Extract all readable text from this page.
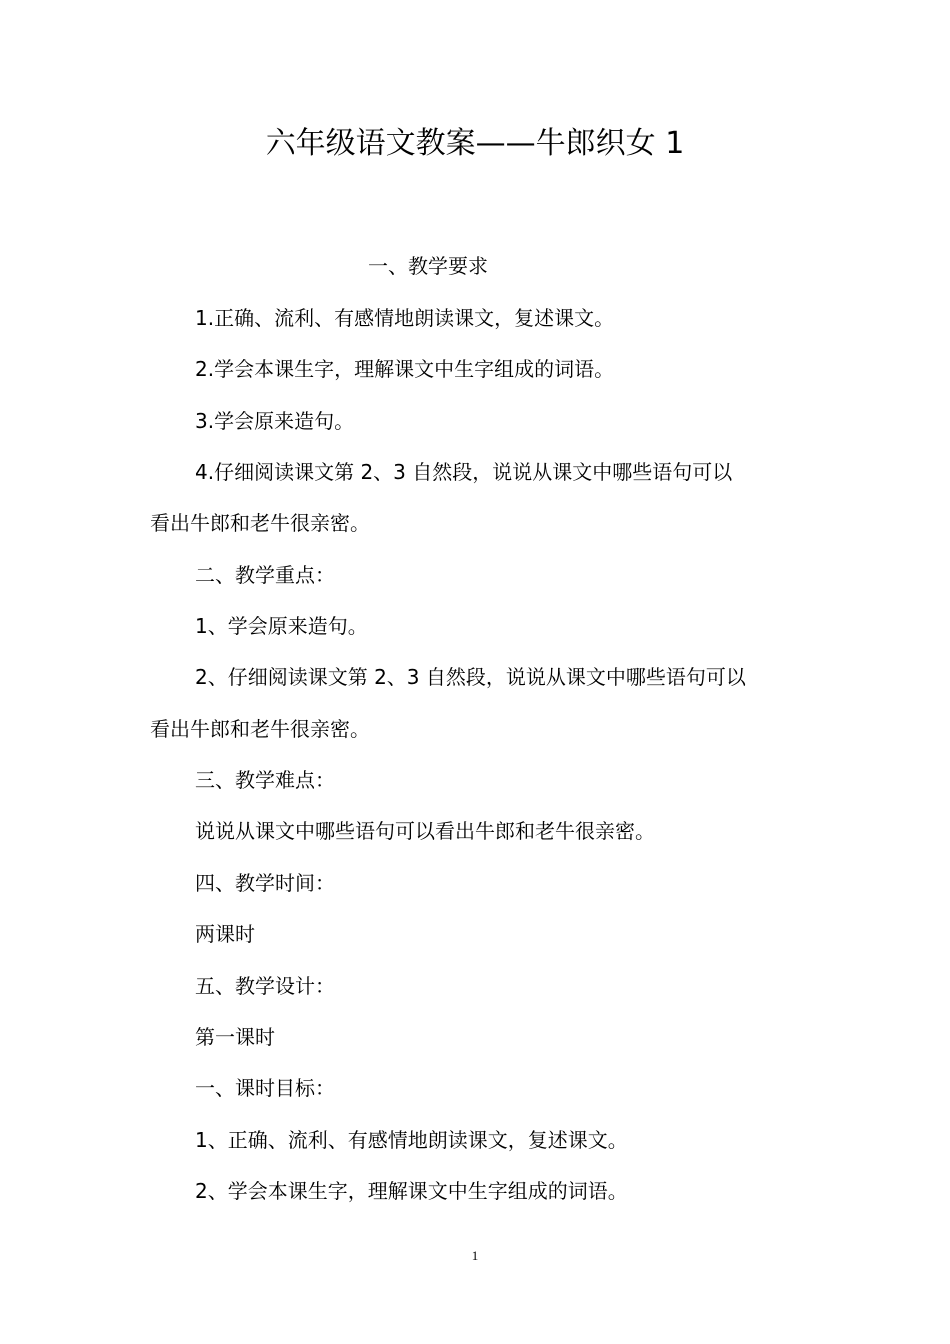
六年级语文教案——牛郎织女 1
一、教学要求
1.正确、流利、有感情地朗读课文，复述课文。
2.学会本课生字，理解课文中生字组成的词语。
3.学会原来造句。
4.仔细阅读课文第 2、3 自然段，说说从课文中哪些语句可以
看出牛郎和老牛很亲密。
二、教学重点：
1、学会原来造句。
2、仔细阅读课文第 2、3 自然段，说说从课文中哪些语句可以
看出牛郎和老牛很亲密。
三、教学难点：
说说从课文中哪些语句可以看出牛郎和老牛很亲密。
四、教学时间：
两课时
五、教学设计：
第一课时
一、课时目标：
1、正确、流利、有感情地朗读课文，复述课文。
2、学会本课生字，理解课文中生字组成的词语。
1
